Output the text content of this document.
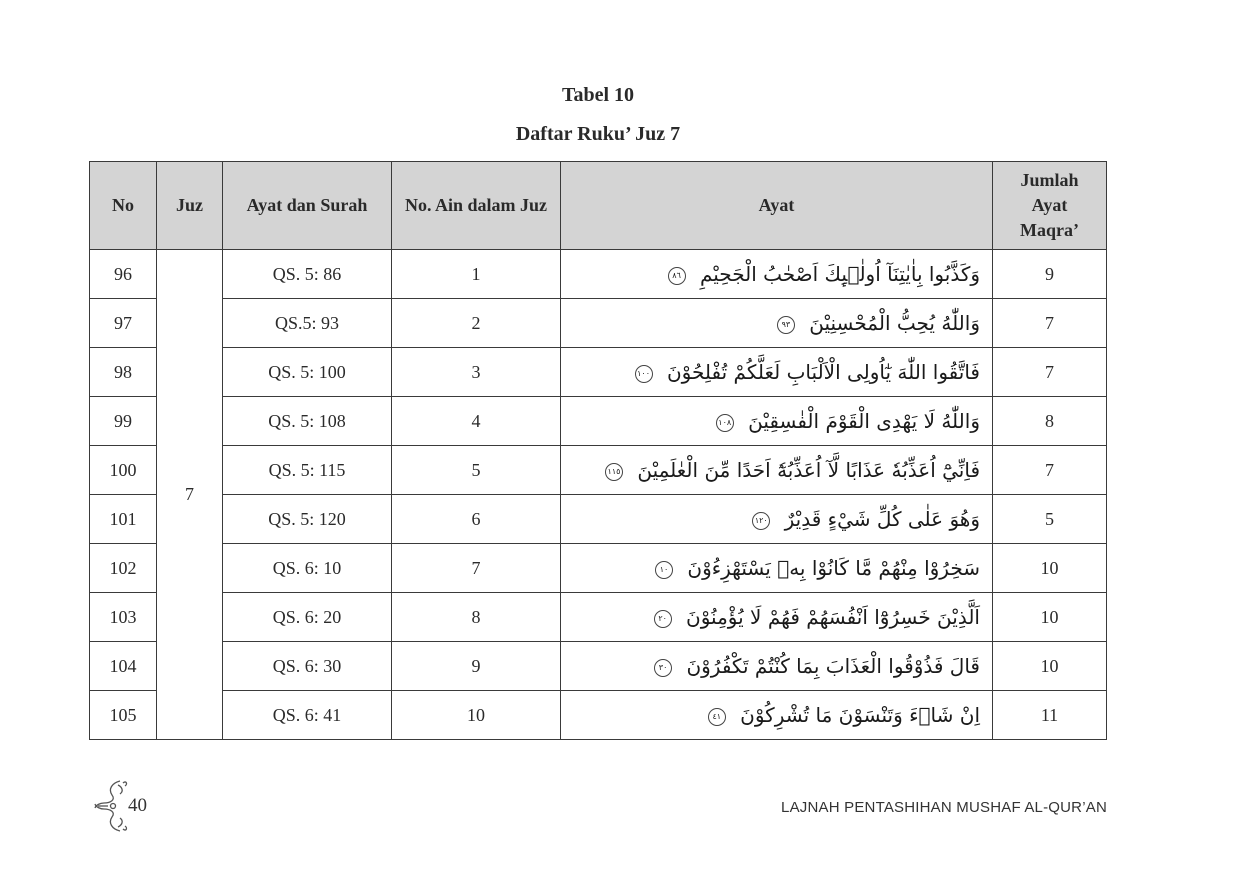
Tabel 10
Daftar Ruku’ Juz 7
No	Juz	Ayat dan Surah	No. Ain dalam Juz	Ayat	Jumlah
Ayat
Maqra’

96	7	QS. 5: 86	1	وَكَذَّبُوا بِاٰيٰتِنَآ اُولٰۤىِٕكَ اَصْحٰبُ الْجَحِيْمِ ٨٦	9
97		QS.5: 93	2	وَاللّٰهُ يُحِبُّ الْمُحْسِنِيْنَ ٩٣	7
98		QS. 5: 100	3	فَاتَّقُوا اللّٰهَ يٰٓاُولِى الْاَلْبَابِ لَعَلَّكُمْ تُفْلِحُوْنَ ١٠٠	7
99		QS. 5: 108	4	وَاللّٰهُ لَا يَهْدِى الْقَوْمَ الْفٰسِقِيْنَ ١٠٨	8
100		QS. 5: 115	5	فَاِنِّيْٓ اُعَذِّبُهٗ عَذَابًا لَّآ اُعَذِّبُهٗٓ اَحَدًا مِّنَ الْعٰلَمِيْنَ ١١٥	7
101		QS. 5: 120	6	وَهُوَ عَلٰى كُلِّ شَيْءٍ قَدِيْرٌ ١٢٠	5
102		QS. 6: 10	7	سَخِرُوْا مِنْهُمْ مَّا كَانُوْا بِهٖ يَسْتَهْزِءُوْنَ ١٠	10
103		QS. 6: 20	8	اَلَّذِيْنَ خَسِرُوْٓا اَنْفُسَهُمْ فَهُمْ لَا يُؤْمِنُوْنَ ٢٠	10
104		QS. 6: 30	9	قَالَ فَذُوْقُوا الْعَذَابَ بِمَا كُنْتُمْ تَكْفُرُوْنَ ٣٠	10
105		QS. 6: 41	10	اِنْ شَاۤءَ وَتَنْسَوْنَ مَا تُشْرِكُوْنَ ٤١	11
40	LAJNAH PENTASHIHAN MUSHAF AL-QUR’AN
